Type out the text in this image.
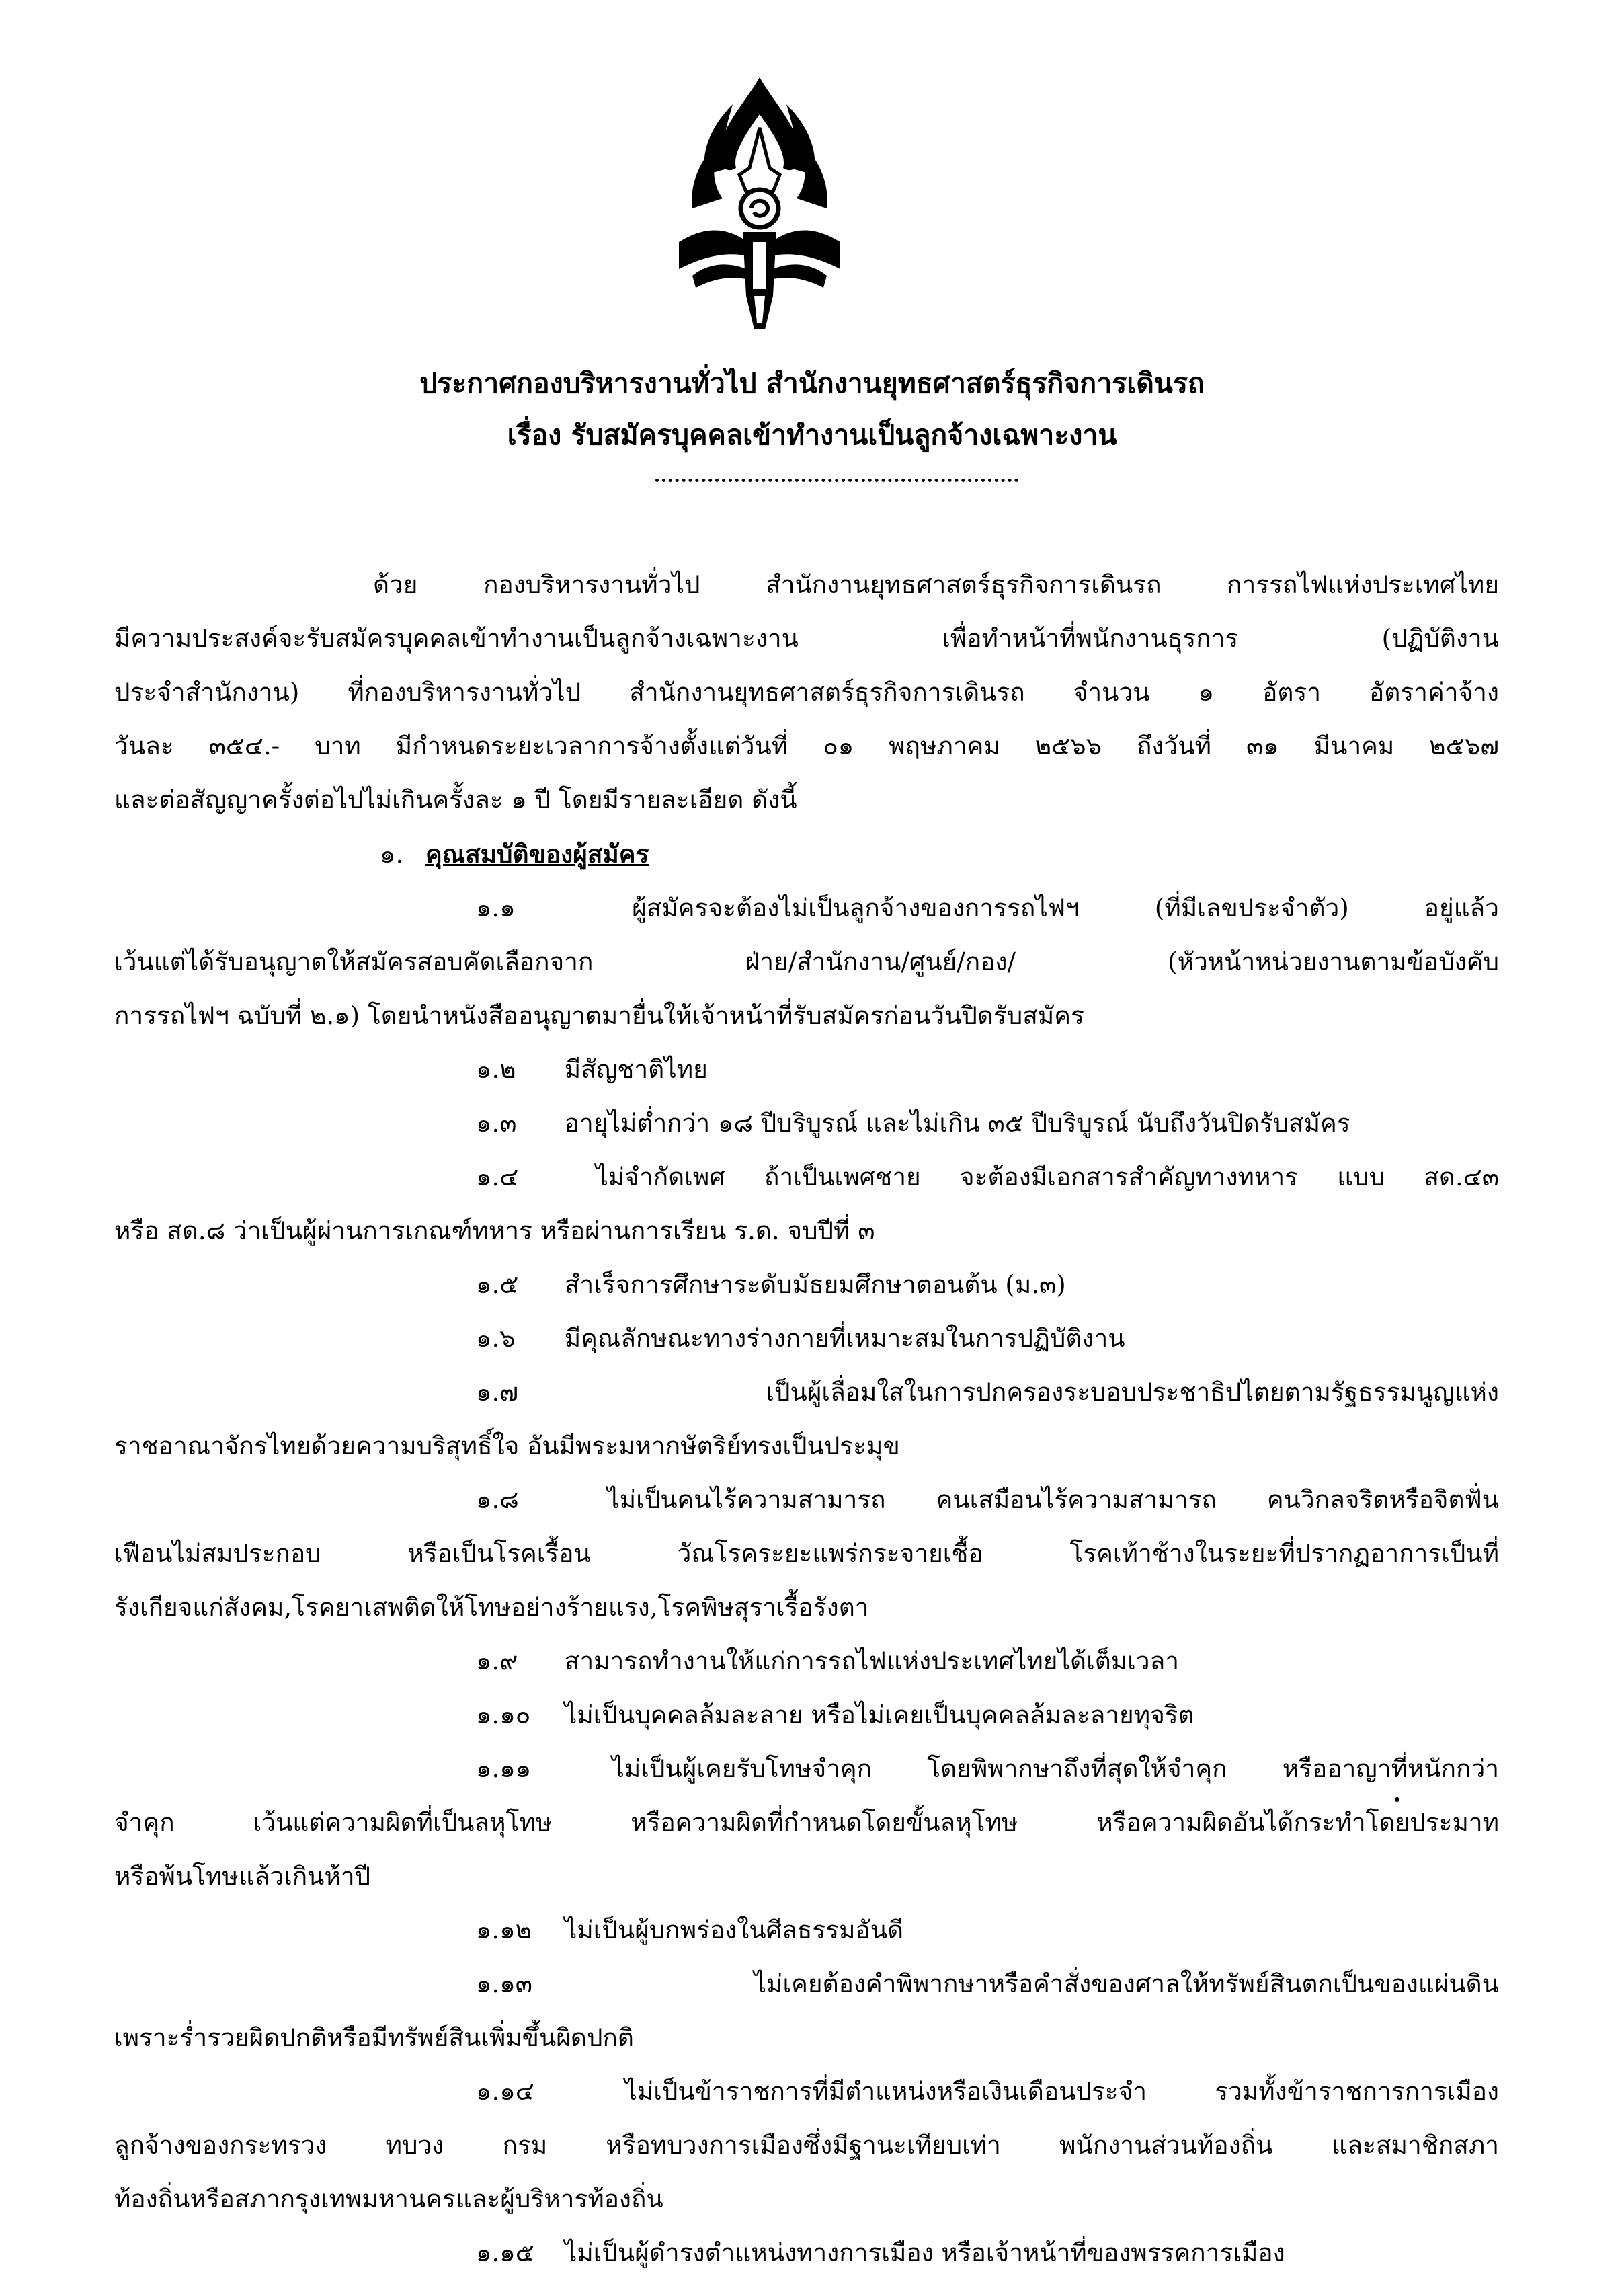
ประกาศกองบริหารงานทั่วไป สำนักงานยุทธศาสตร์ธุรกิจการเดินรถ
เรื่อง รับสมัครบุคคลเข้าทำงานเป็นลูกจ้างเฉพาะงาน

ด้วย กองบริหารงานทั่วไป สำนักงานยุทธศาสตร์ธุรกิจการเดินรถ การรถไฟแห่งประเทศไทย

มีความประสงค์จะรับสมัครบุคคลเข้าทำงานเป็นลูกจ้างเฉพาะงาน เพื่อทำหน้าที่พนักงานธุรการ (ปฏิบัติงาน

ประจำสำนักงาน) ที่กองบริหารงานทั่วไป สำนักงานยุทธศาสตร์ธุรกิจการเดินรถ จำนวน ๑ อัตรา อัตราค่าจ้าง

วันละ ๓๕๔.- บาท มีกำหนดระยะเวลาการจ้างตั้งแต่วันที่ ๐๑ พฤษภาคม ๒๕๖๖ ถึงวันที่ ๓๑ มีนาคม ๒๕๖๗

และต่อสัญญาครั้งต่อไปไม่เกินครั้งละ ๑ ปี โดยมีรายละเอียด ดังนี้

๑. คุณสมบัติของผู้สมัคร

๑.๑	ผู้สมัครจะต้องไม่เป็นลูกจ้างของการรถไฟฯ (ที่มีเลขประจำตัว) อยู่แล้ว

เว้นแต่ได้รับอนุญาตให้สมัครสอบคัดเลือกจาก ฝ่าย/สำนักงาน/ศูนย์/กอง/ (หัวหน้าหน่วยงานตามข้อบังคับ

การรถไฟฯ ฉบับที่ ๒.๑) โดยนำหนังสืออนุญาตมายื่นให้เจ้าหน้าที่รับสมัครก่อนวันปิดรับสมัคร

๑.๒ มีสัญชาติไทย

๑.๓ อายุไม่ต่ำกว่า ๑๘ ปีบริบูรณ์ และไม่เกิน ๓๕ ปีบริบูรณ์ นับถึงวันปิดรับสมัคร

๑.๔	ไม่จำกัดเพศ ถ้าเป็นเพศชาย จะต้องมีเอกสารสำคัญทางทหาร แบบ สด.๔๓

หรือ สด.๘ ว่าเป็นผู้ผ่านการเกณฑ์ทหาร หรือผ่านการเรียน ร.ด. จบปีที่ ๓

๑.๕ สำเร็จการศึกษาระดับมัธยมศึกษาตอนต้น (ม.๓)

๑.๖ มีคุณลักษณะทางร่างกายที่เหมาะสมในการปฏิบัติงาน

๑.๗	เป็นผู้เลื่อมใสในการปกครองระบอบประชาธิปไตยตามรัฐธรรมนูญแห่ง

ราชอาณาจักรไทยด้วยความบริสุทธิ์ใจ อันมีพระมหากษัตริย์ทรงเป็นประมุข

๑.๘	ไม่เป็นคนไร้ความสามารถ คนเสมือนไร้ความสามารถ คนวิกลจริตหรือจิตฟั่น

เฟือนไม่สมประกอบ หรือเป็นโรคเรื้อน วัณโรคระยะแพร่กระจายเชื้อ โรคเท้าช้างในระยะที่ปรากฏอาการเป็นที่

รังเกียจแก่สังคม,โรคยาเสพติดให้โทษอย่างร้ายแรง,โรคพิษสุราเรื้อรังตา

๑.๙ สามารถทำงานให้แก่การรถไฟแห่งประเทศไทยได้เต็มเวลา

๑.๑๐ ไม่เป็นบุคคลล้มละลาย หรือไม่เคยเป็นบุคคลล้มละลายทุจริต

๑.๑๑	ไม่เป็นผู้เคยรับโทษจำคุก โดยพิพากษาถึงที่สุดให้จำคุก หรืออาญาที่หนักกว่า

จำคุก เว้นแต่ความผิดที่เป็นลหุโทษ หรือความผิดที่กำหนดโดยขั้นลหุโทษ หรือความผิดอันได้กระทำโดยประมาท

หรือพ้นโทษแล้วเกินห้าปี

๑.๑๒ ไม่เป็นผู้บกพร่องในศีลธรรมอันดี

๑.๑๓	ไม่เคยต้องคำพิพากษาหรือคำสั่งของศาลให้ทรัพย์สินตกเป็นของแผ่นดิน

เพราะร่ำรวยผิดปกติหรือมีทรัพย์สินเพิ่มขึ้นผิดปกติ

๑.๑๔	ไม่เป็นข้าราชการที่มีตำแหน่งหรือเงินเดือนประจำ รวมทั้งข้าราชการการเมือง

ลูกจ้างของกระทรวง ทบวง กรม หรือทบวงการเมืองซึ่งมีฐานะเทียบเท่า พนักงานส่วนท้องถิ่น และสมาชิกสภา

ท้องถิ่นหรือสภากรุงเทพมหานครและผู้บริหารท้องถิ่น

๑.๑๕ ไม่เป็นผู้ดำรงตำแหน่งทางการเมือง หรือเจ้าหน้าที่ของพรรคการเมือง
